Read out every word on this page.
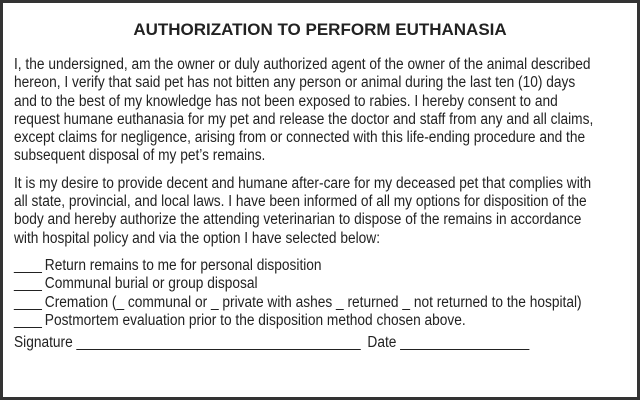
AUTHORIZATION TO PERFORM EUTHANASIA
I, the undersigned, am the owner or duly authorized agent of the owner of the animal described
hereon, I verify that said pet has not bitten any person or animal during the last ten (10) days
and to the best of my knowledge has not been exposed to rabies. I hereby consent to and
request humane euthanasia for my pet and release the doctor and staff from any and all claims,
except claims for negligence, arising from or connected with this life-ending procedure and the
subsequent disposal of my pet’s remains.
It is my desire to provide decent and humane after-care for my deceased pet that complies with
all state, provincial, and local laws. I have been informed of all my options for disposition of the
body and hereby authorize the attending veterinarian to dispose of the remains in accordance
with hospital policy and via the option I have selected below:
____ Return remains to me for personal disposition
____ Communal burial or group disposal
____ Cremation (_ communal or _ private with ashes _ returned _ not returned to the hospital)
____ Postmortem evaluation prior to the disposition method chosen above.
Signature __________________________________________ Date ___________________
